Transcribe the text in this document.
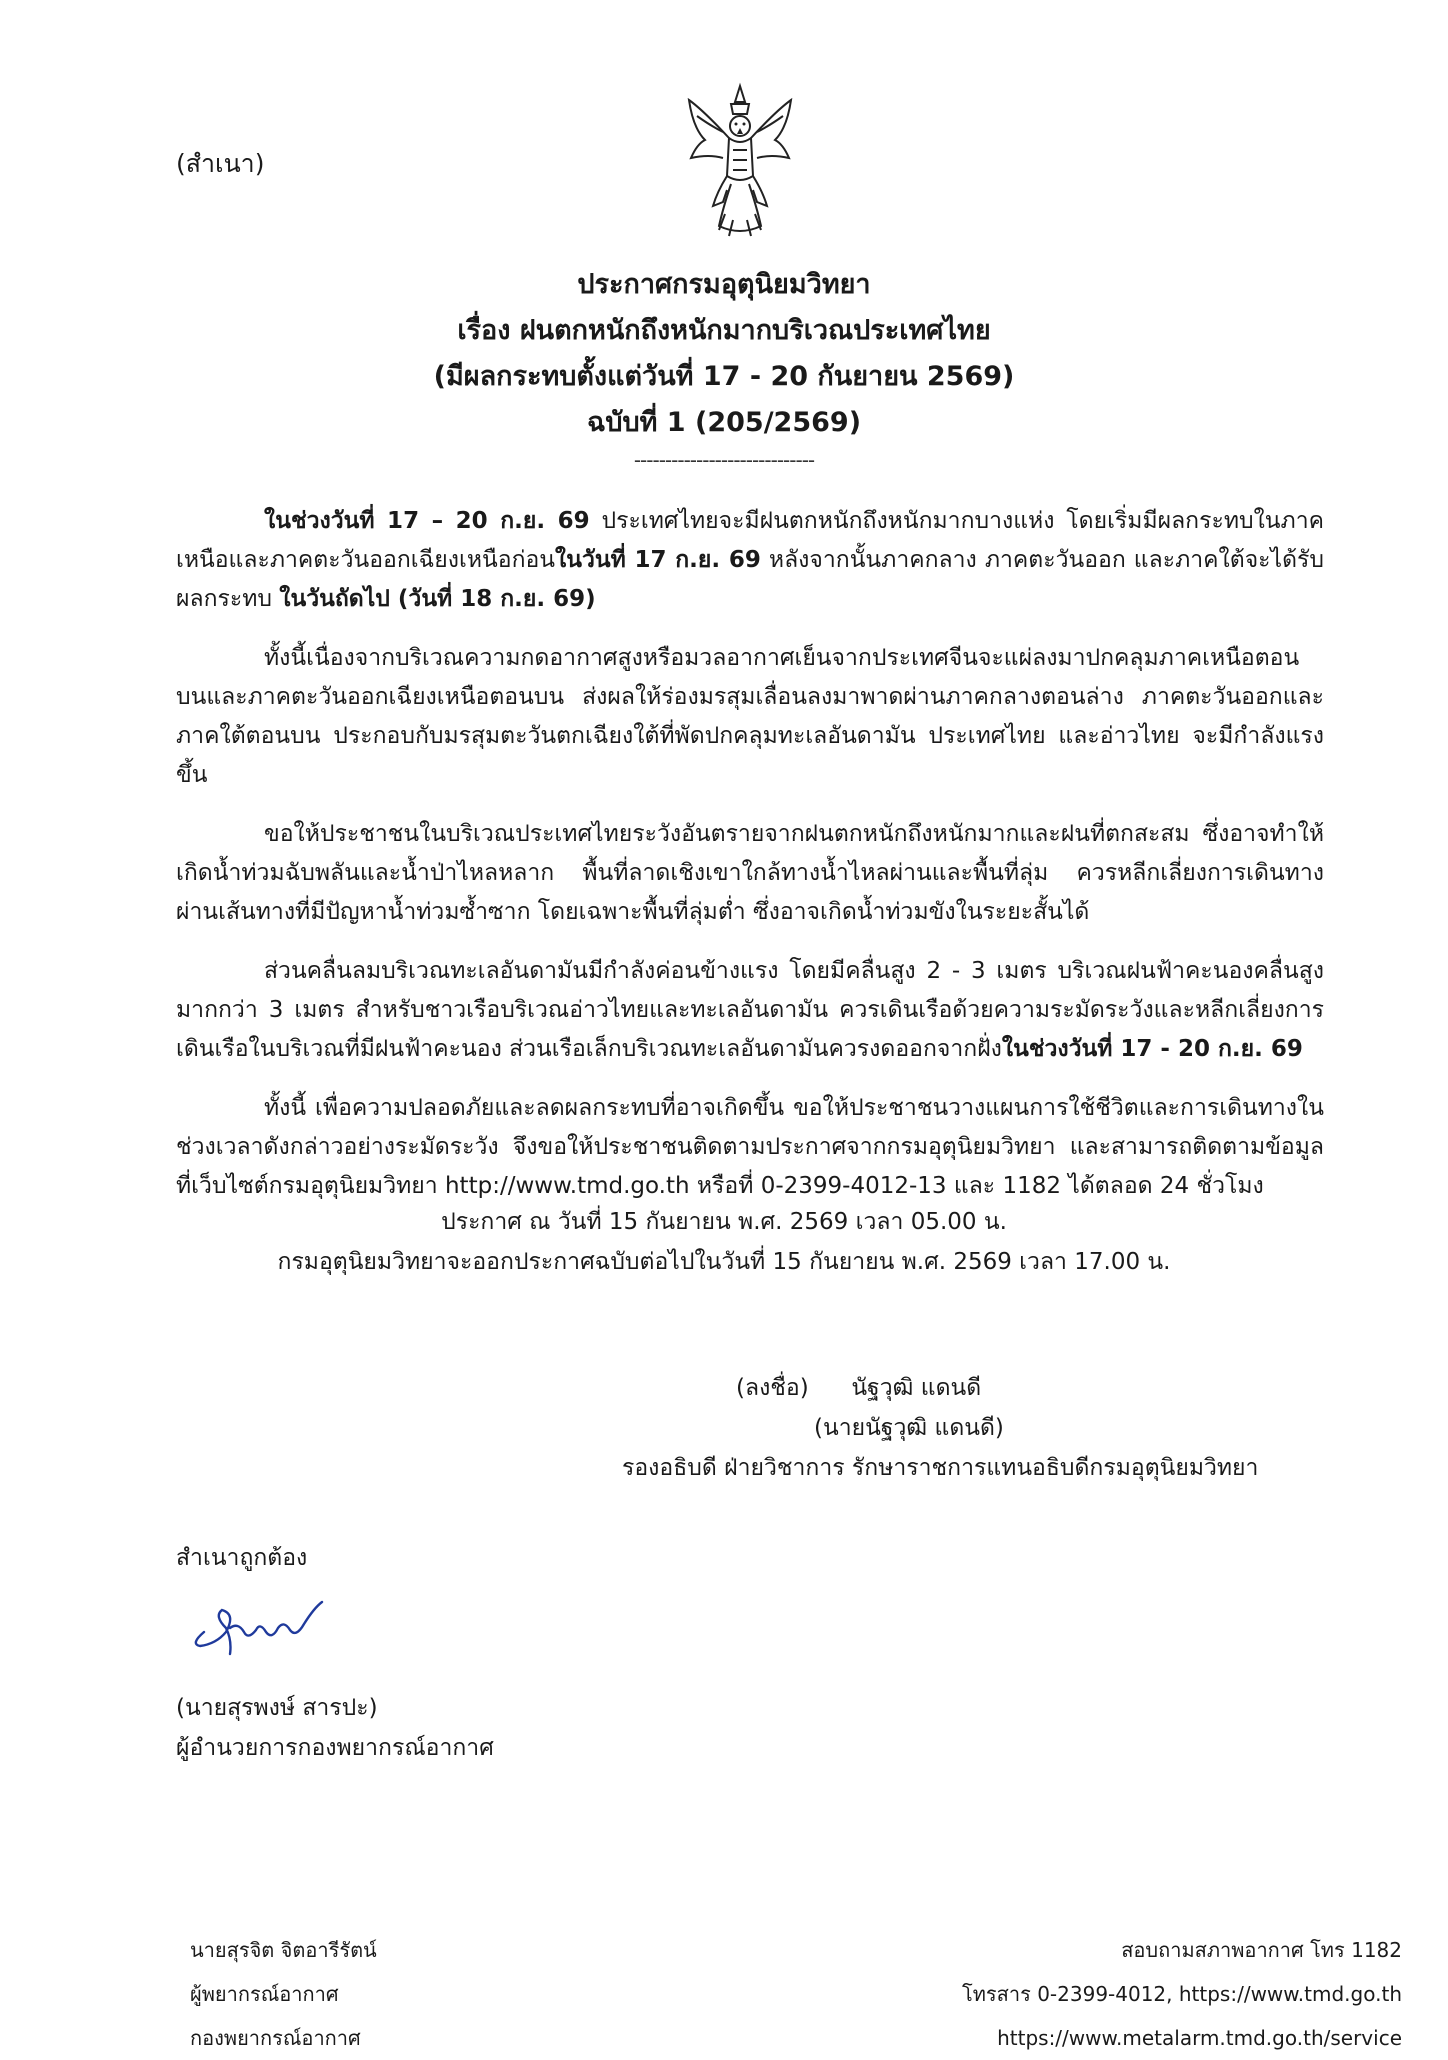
(สำเนา)
ประกาศกรมอุตุนิยมวิทยา
เรื่อง ฝนตกหนักถึงหนักมากบริเวณประเทศไทย
(มีผลกระทบตั้งแต่วันที่ 17 - 20 กันยายน 2569)
ฉบับที่ 1 (205/2569)
-----------------------------

ในช่วงวันที่ 17 – 20 ก.ย. 69 ประเทศไทยจะมีฝนตกหนักถึงหนักมากบางแห่ง โดยเริ่มมีผลกระทบในภาคเหนือและภาคตะวันออกเฉียงเหนือก่อนในวันที่ 17 ก.ย. 69 หลังจากนั้นภาคกลาง ภาคตะวันออก และภาคใต้จะได้รับผลกระทบ ในวันถัดไป (วันที่ 18 ก.ย. 69)

ทั้งนี้เนื่องจากบริเวณความกดอากาศสูงหรือมวลอากาศเย็นจากประเทศจีนจะแผ่ลงมาปกคลุมภาคเหนือตอนบนและภาคตะวันออกเฉียงเหนือตอนบน ส่งผลให้ร่องมรสุมเลื่อนลงมาพาดผ่านภาคกลางตอนล่าง ภาคตะวันออกและภาคใต้ตอนบน ประกอบกับมรสุมตะวันตกเฉียงใต้ที่พัดปกคลุมทะเลอันดามัน ประเทศไทย และอ่าวไทย จะมีกำลังแรงขึ้น

ขอให้ประชาชนในบริเวณประเทศไทยระวังอันตรายจากฝนตกหนักถึงหนักมากและฝนที่ตกสะสม ซึ่งอาจทำให้เกิดน้ำท่วมฉับพลันและน้ำป่าไหลหลาก พื้นที่ลาดเชิงเขาใกล้ทางน้ำไหลผ่านและพื้นที่ลุ่ม ควรหลีกเลี่ยงการเดินทางผ่านเส้นทางที่มีปัญหาน้ำท่วมซ้ำซาก โดยเฉพาะพื้นที่ลุ่มต่ำ ซึ่งอาจเกิดน้ำท่วมขังในระยะสั้นได้

ส่วนคลื่นลมบริเวณทะเลอันดามันมีกำลังค่อนข้างแรง โดยมีคลื่นสูง 2 - 3 เมตร บริเวณฝนฟ้าคะนองคลื่นสูงมากกว่า 3 เมตร สำหรับชาวเรือบริเวณอ่าวไทยและทะเลอันดามัน ควรเดินเรือด้วยความระมัดระวังและหลีกเลี่ยงการเดินเรือในบริเวณที่มีฝนฟ้าคะนอง ส่วนเรือเล็กบริเวณทะเลอันดามันควรงดออกจากฝั่งในช่วงวันที่ 17 - 20 ก.ย. 69

ทั้งนี้ เพื่อความปลอดภัยและลดผลกระทบที่อาจเกิดขึ้น ขอให้ประชาชนวางแผนการใช้ชีวิตและการเดินทางในช่วงเวลาดังกล่าวอย่างระมัดระวัง จึงขอให้ประชาชนติดตามประกาศจากกรมอุตุนิยมวิทยา และสามารถติดตามข้อมูลที่เว็บไซต์กรมอุตุนิยมวิทยา http://www.tmd.go.th หรือที่ 0-2399-4012-13 และ 1182 ได้ตลอด 24 ชั่วโมง

ประกาศ ณ วันที่ 15 กันยายน พ.ศ. 2569 เวลา 05.00 น.
กรมอุตุนิยมวิทยาจะออกประกาศฉบับต่อไปในวันที่ 15 กันยายน พ.ศ. 2569 เวลา 17.00 น.
(ลงชื่อ) นัฐวุฒิ แดนดี
(นายนัฐวุฒิ แดนดี)
รองอธิบดี ฝ่ายวิชาการ รักษาราชการแทนอธิบดีกรมอุตุนิยมวิทยา
สำเนาถูกต้อง
(นายสุรพงษ์ สารปะ)
ผู้อำนวยการกองพยากรณ์อากาศ
นายสุรจิต จิตอารีรัตน์
ผู้พยากรณ์อากาศ
กองพยากรณ์อากาศ
สอบถามสภาพอากาศ โทร 1182
โทรสาร 0-2399-4012, https://www.tmd.go.th
https://www.metalarm.tmd.go.th/service
